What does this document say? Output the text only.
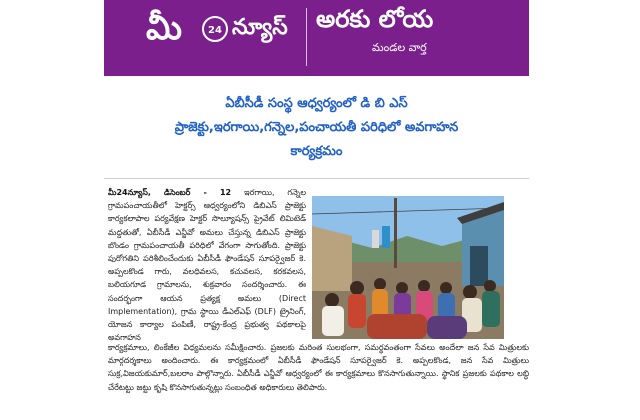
మీ	24 న్యూస్ అరకు లోయ
మండల వార్త
ఏబీసీడీ సంస్థ ఆధ్వర్యంలో డి బి ఎస్
ప్రాజెక్టు,ఇరగాయి,గన్నెల,పంచాయతీ పరిధిలో అవగాహన
కార్యక్రమం
మీ24న్యూస్, డిసెంబర్ - 12 ఇరగాయి, గన్నెల గ్రామపంచాయతీలో హెక్టర్స్ ఆధ్వర్యంలోని డిబిఎస్ ప్రాజెక్టు కార్యకలాపాల పర్యవేక్షణ హెక్టర్ సొల్యూషన్స్ ప్రైవేట్ లిమిటెడ్ మద్దతుతో, ఏబీసీడీ ఎన్జీవో అమలు చేస్తున్న డిబిఎస్ ప్రాజెక్టు బొండం గ్రామపంచాయతీ పరిధిలో వేగంగా సాగుతోంది. ప్రాజెక్టు పురోగతిని పరిశీలించేందుకు ఏబీసీడీ ఫౌండేషన్ సూపర్వైజర్ కె. అప్పలకొండ గారు, వలధివలస, కచువలస, కరకవలస, బలియగూడ గ్రామాలను, శుక్రవారం సందర్శించారు. ఈ సందర్భంగా ఆయన ప్రత్యక్ష అమలు (Direct Implementation), గ్రామ స్థాయి డీఎల్ఎఫ్ (DLF) ట్రైనింగ్, యోజన కార్యాల పంపిణీ, రాష్ట్ర-కేంద్ర ప్రభుత్వ పథకాలపై అవగాహన
కార్యక్రమాలు, లింకేజీల విధ్యమలను సమీక్షించారు. ప్రజలకు మరింత సులభంగా, సమర్థవంతంగా సేవలు అందేలా జన సేవ మిత్రులకు మార్గదర్శకాలు అందించారు. ఈ కార్యక్రమంలో ఏబీసీడీ ఫౌండేషన్ సూపర్వైజర్ కె. అప్పలకొండ, జన సేవ మిత్రులు సుక్ర,విజయకుమార్,బలరాం పాల్గొన్నారు. ఏబీసీడీ ఎన్జీవో ఆధ్వర్యంలో ఈ కార్యక్రమాలు కొనసాగుతున్నాయి. స్థానిక ప్రజలకు పథకాల లబ్ధి చేరేటట్టు జట్టు కృషి కొనసాగుతున్నట్లు సంబంధిత అధికారులు తెలిపారు.
